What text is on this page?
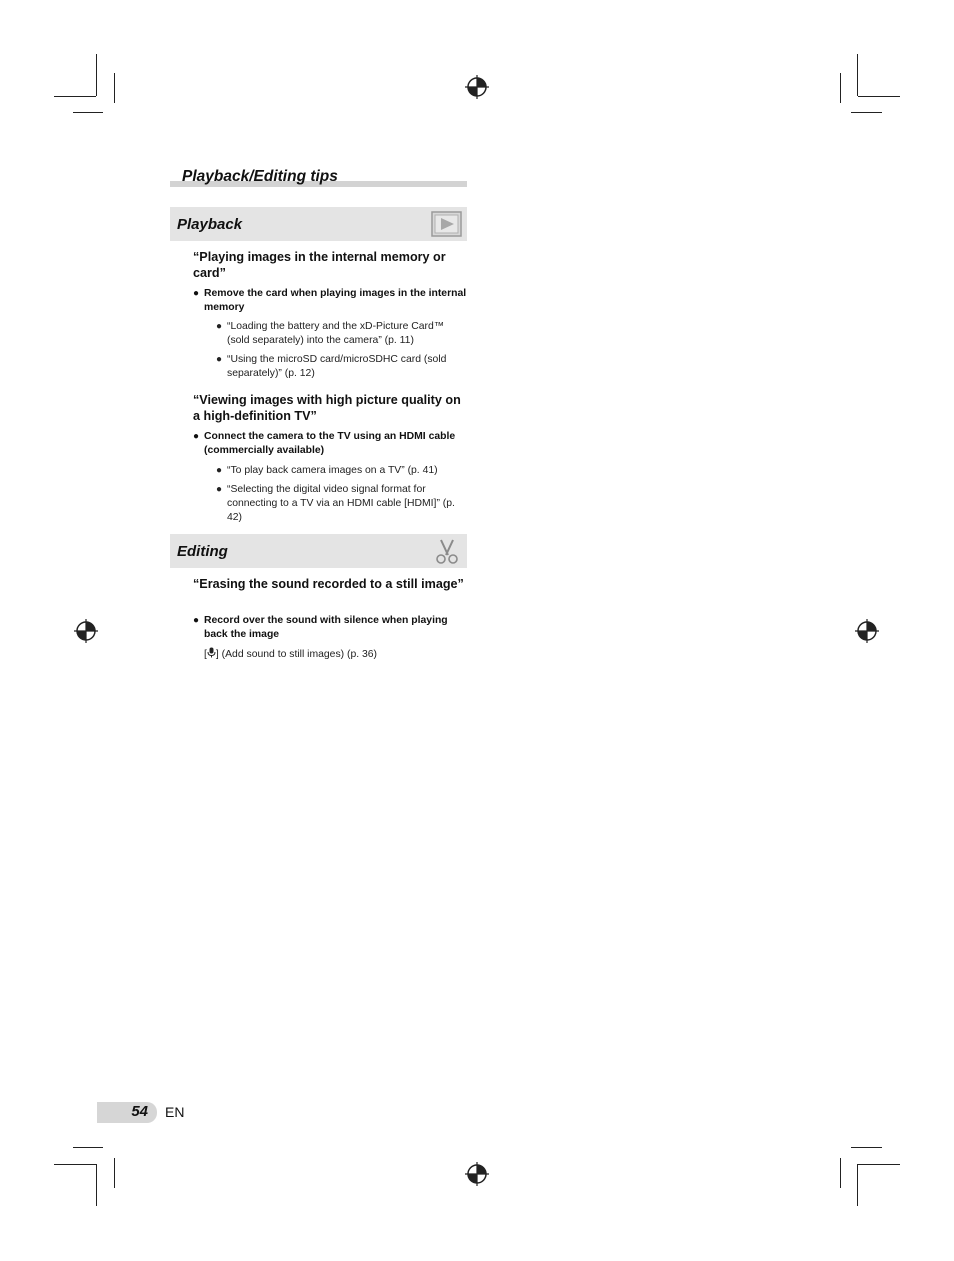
Playback/Editing tips
Playback
“Playing images in the internal memory or card”
● Remove the card when playing images in the internal memory
● “Loading the battery and the xD-Picture Card™ (sold separately) into the camera” (p. 11)
● “Using the microSD card/microSDHC card (sold separately)” (p. 12)
“Viewing images with high picture quality on a high-definition TV”
● Connect the camera to the TV using an HDMI cable (commercially available)
● “To play back camera images on a TV” (p. 41)
● “Selecting the digital video signal format for connecting to a TV via an HDMI cable [HDMI]” (p. 42)
Editing
“Erasing the sound recorded to a still image”
● Record over the sound with silence when playing back the image
[ ] (Add sound to still images) (p. 36)
54 EN
